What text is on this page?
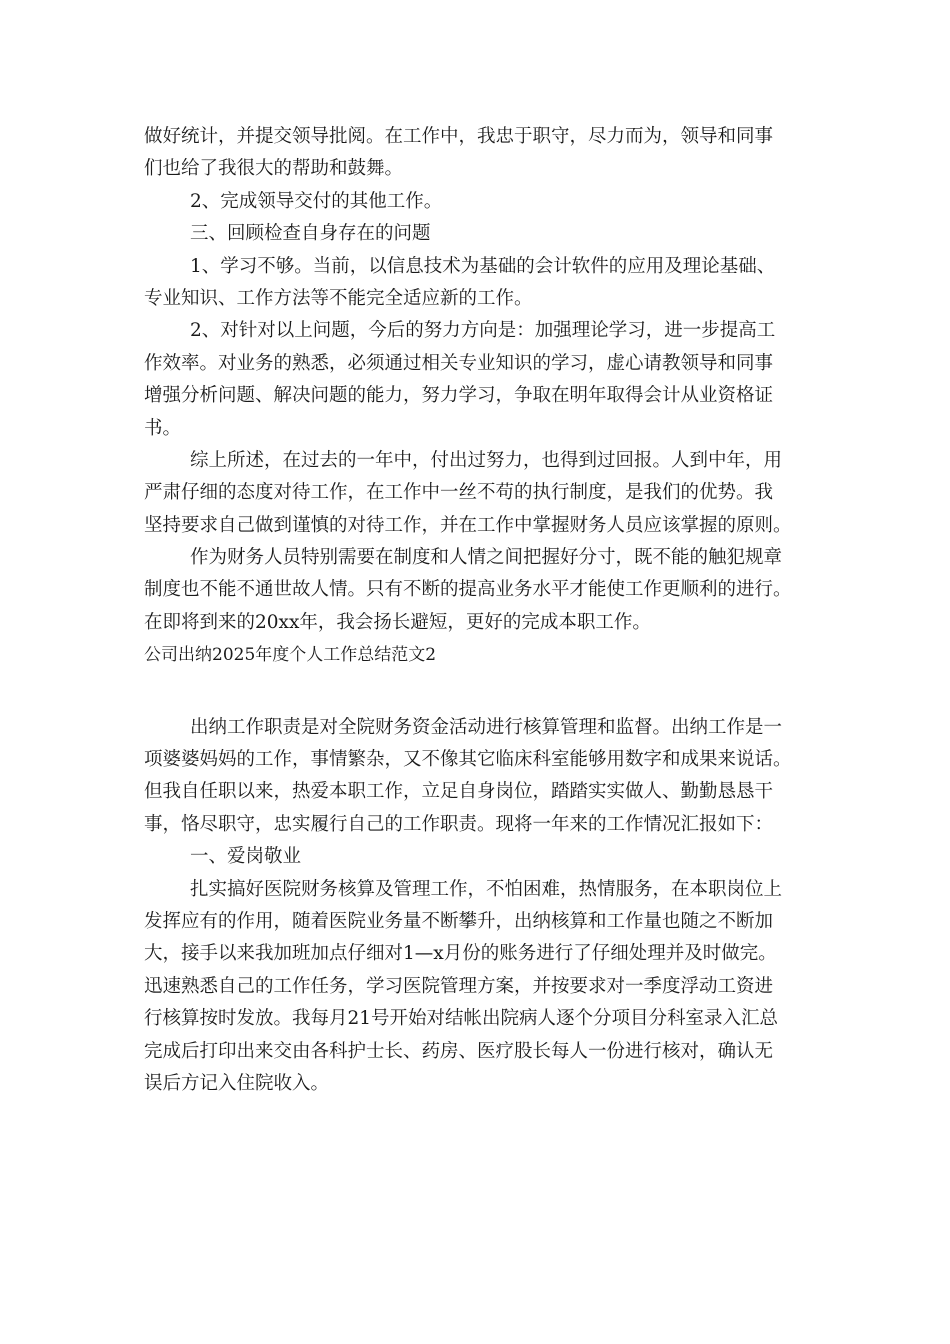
做好统计，并提交领导批阅。在工作中，我忠于职守，尽力而为，领导和同事

们也给了我很大的帮助和鼓舞。

2、完成领导交付的其他工作。

三、回顾检查自身存在的问题

1、学习不够。当前，以信息技术为基础的会计软件的应用及理论基础、

专业知识、工作方法等不能完全适应新的工作。

2、对针对以上问题，今后的努力方向是：加强理论学习，进一步提高工

作效率。对业务的熟悉，必须通过相关专业知识的学习，虚心请教领导和同事

增强分析问题、解决问题的能力，努力学习，争取在明年取得会计从业资格证

书。

综上所述，在过去的一年中，付出过努力，也得到过回报。人到中年，用

严肃仔细的态度对待工作，在工作中一丝不苟的执行制度，是我们的优势。我

坚持要求自己做到谨慎的对待工作，并在工作中掌握财务人员应该掌握的原则。

作为财务人员特别需要在制度和人情之间把握好分寸，既不能的触犯规章

制度也不能不通世故人情。只有不断的提高业务水平才能使工作更顺利的进行。

在即将到来的20xx年，我会扬长避短，更好的完成本职工作。

公司出纳2025年度个人工作总结范文2

出纳工作职责是对全院财务资金活动进行核算管理和监督。出纳工作是一

项婆婆妈妈的工作，事情繁杂，又不像其它临床科室能够用数字和成果来说话。

但我自任职以来，热爱本职工作，立足自身岗位，踏踏实实做人、勤勤恳恳干

事，恪尽职守，忠实履行自己的工作职责。现将一年来的工作情况汇报如下：

一、爱岗敬业

扎实搞好医院财务核算及管理工作，不怕困难，热情服务，在本职岗位上

发挥应有的作用，随着医院业务量不断攀升，出纳核算和工作量也随之不断加

大，接手以来我加班加点仔细对1—x月份的账务进行了仔细处理并及时做完。

迅速熟悉自己的工作任务，学习医院管理方案，并按要求对一季度浮动工资进

行核算按时发放。我每月21号开始对结帐出院病人逐个分项目分科室录入汇总

完成后打印出来交由各科护士长、药房、医疗股长每人一份进行核对，确认无

误后方记入住院收入。
